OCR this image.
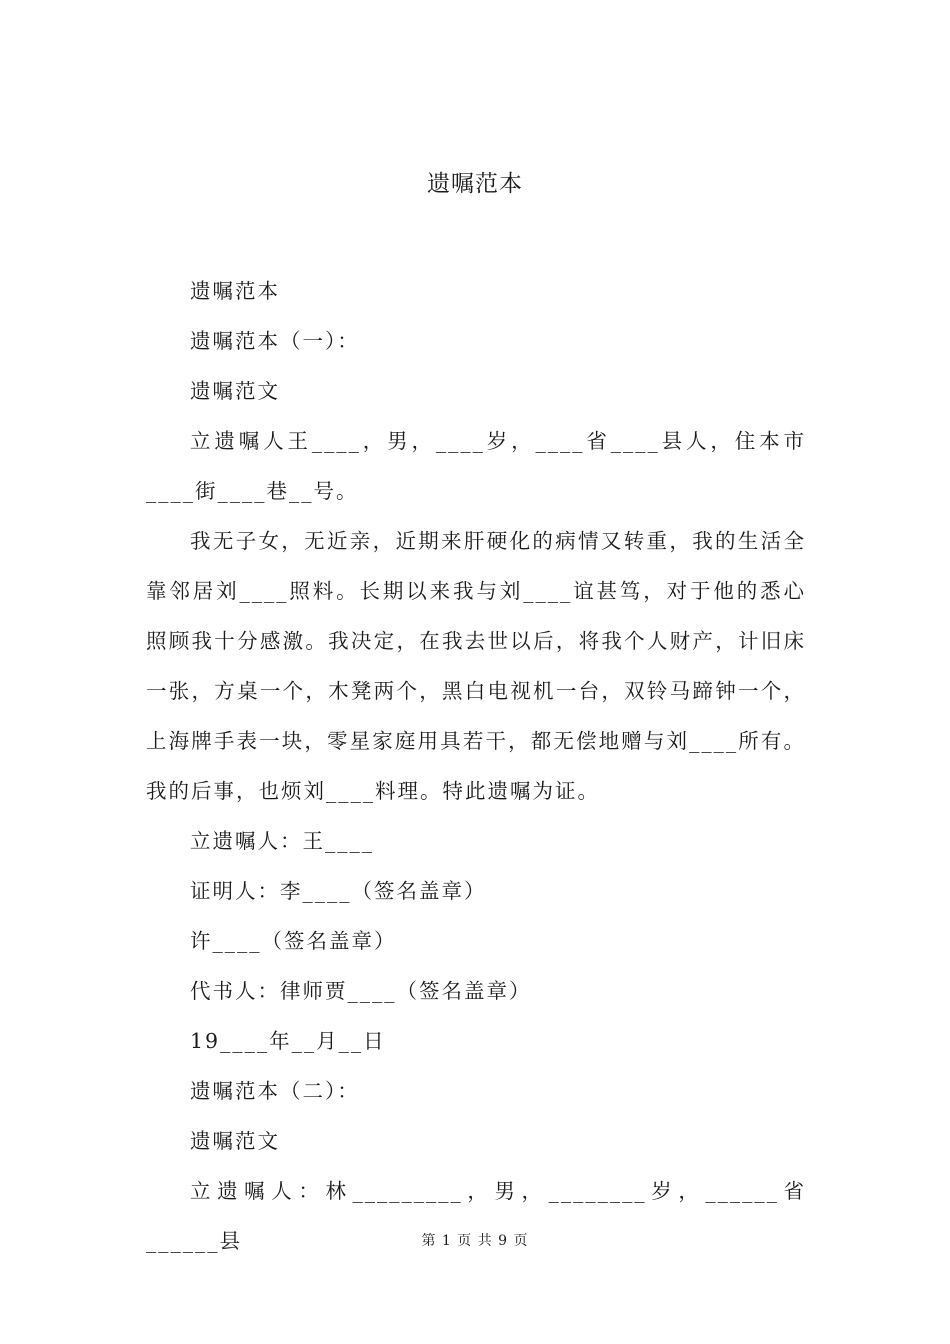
遗嘱范本

遗嘱范本

遗嘱范本（一）：

遗嘱范文

立遗嘱人王____，男，____岁，____省____县人，住本市____街____巷__号。

我无子女，无近亲，近期来肝硬化的病情又转重，我的生活全靠邻居刘____照料。长期以来我与刘____谊甚笃，对于他的悉心照顾我十分感激。我决定，在我去世以后，将我个人财产，计旧床一张，方桌一个，木凳两个，黑白电视机一台，双铃马蹄钟一个，上海牌手表一块，零星家庭用具若干，都无偿地赠与刘____所有。我的后事，也烦刘____料理。特此遗嘱为证。

立遗嘱人：王____

证明人：李____（签名盖章）

许____（签名盖章）

代书人：律师贾____（签名盖章）

19____年__月__日

遗嘱范本（二）：

遗嘱范文

立遗嘱人：林_________，男，________岁，______省______县	第 1 页 共 9 页
